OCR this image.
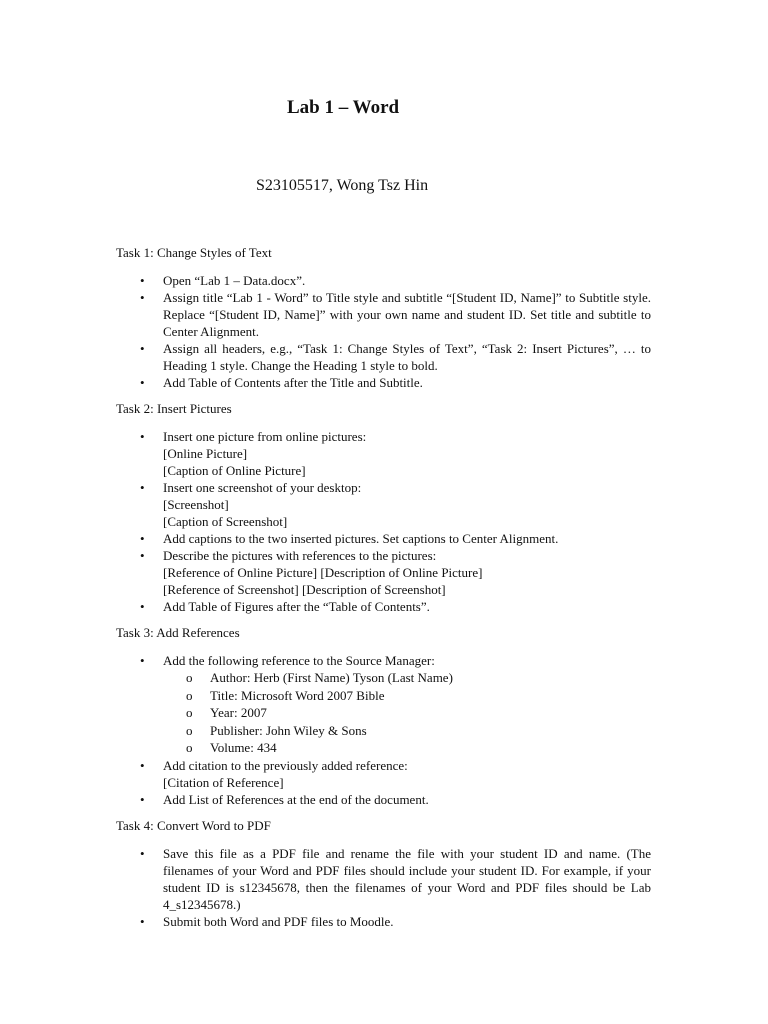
Lab 1 – Word
S23105517, Wong Tsz Hin
Task 1: Change Styles of Text
• Open “Lab 1 – Data.docx”.
• Assign title “Lab 1 - Word” to Title style and subtitle “[Student ID, Name]” to Subtitle style. Replace “[Student ID, Name]” with your own name and student ID. Set title and subtitle to Center Alignment.
• Assign all headers, e.g., “Task 1: Change Styles of Text”, “Task 2: Insert Pictures”, … to Heading 1 style. Change the Heading 1 style to bold.
• Add Table of Contents after the Title and Subtitle.
Task 2: Insert Pictures
• Insert one picture from online pictures:
[Online Picture]
[Caption of Online Picture]
• Insert one screenshot of your desktop:
[Screenshot]
[Caption of Screenshot]
• Add captions to the two inserted pictures. Set captions to Center Alignment.
• Describe the pictures with references to the pictures:
[Reference of Online Picture] [Description of Online Picture]
[Reference of Screenshot] [Description of Screenshot]
• Add Table of Figures after the “Table of Contents”.
Task 3: Add References
• Add the following reference to the Source Manager:
o Author: Herb (First Name) Tyson (Last Name)
o Title: Microsoft Word 2007 Bible
o Year: 2007
o Publisher: John Wiley & Sons
o Volume: 434
• Add citation to the previously added reference:
[Citation of Reference]
• Add List of References at the end of the document.
Task 4: Convert Word to PDF
• Save this file as a PDF file and rename the file with your student ID and name. (The filenames of your Word and PDF files should include your student ID. For example, if your student ID is s12345678, then the filenames of your Word and PDF files should be Lab 4_s12345678.)
• Submit both Word and PDF files to Moodle.
